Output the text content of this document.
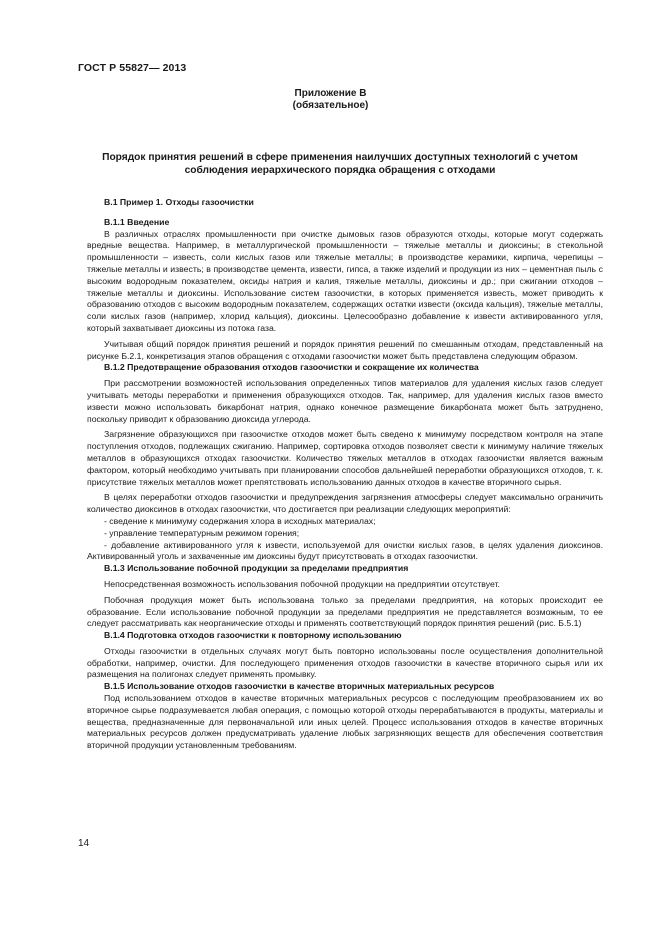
ГОСТ Р 55827— 2013
Приложение В
(обязательное)
Порядок принятия решений в сфере применения наилучших доступных технологий с учетом
соблюдения иерархического порядка обращения с отходами

В.1 Пример 1. Отходы газоочистки

В.1.1 Введение

В различных отраслях промышленности при очистке дымовых газов образуются отходы, которые могут содержать вредные вещества. Например, в металлургической промышленности – тяжелые металлы и диоксины; в стекольной промышленности – известь, соли кислых газов или тяжелые металлы; в производстве керамики, кирпича, черепицы – тяжелые металлы и известь; в производстве цемента, извести, гипса, а также изделий и продукции из них – цементная пыль с высоким водородным показателем, оксиды натрия и калия, тяжелые металлы, диоксины и др.; при сжигании отходов – тяжелые металлы и диоксины. Использование систем газоочистки, в которых применяется известь, может приводить к образованию отходов с высоким водородным показателем, содержащих остатки извести (оксида кальция), тяжелые металлы, соли кислых газов (например, хлорид кальция), диоксины. Целесообразно добавление к извести активированного угля, который захватывает диоксины из потока газа.

Учитывая общий порядок принятия решений и порядок принятия решений по смешанным отходам, представленный на рисунке Б.2.1, конкретизация этапов обращения с отходами газоочистки может быть представлена следующим образом.

В.1.2 Предотвращение образования отходов газоочистки и сокращение их количества

При рассмотрении возможностей использования определенных типов материалов для удаления кислых газов следует учитывать методы переработки и применения образующихся отходов. Так, например, для удаления кислых газов вместо извести можно использовать бикарбонат натрия, однако конечное размещение бикарбоната может быть затруднено, поскольку приводит к образованию диоксида углерода.

Загрязнение образующихся при газоочистке отходов может быть сведено к минимуму посредством контроля на этапе поступления отходов, подлежащих сжиганию. Например, сортировка отходов позволяет свести к минимуму наличие тяжелых металлов в образующихся отходах газоочистки. Количество тяжелых металлов в отходах газоочистки является важным фактором, который необходимо учитывать при планировании способов дальнейшей переработки образующихся отходов, т. к. присутствие тяжелых металлов может препятствовать использованию данных отходов в качестве вторичного сырья.

В целях переработки отходов газоочистки и предупреждения загрязнения атмосферы следует максимально ограничить количество диоксинов в отходах газоочистки, что достигается при реализации следующих мероприятий:

- сведение к минимуму содержания хлора в исходных материалах;

- управление температурным режимом горения;

- добавление активированного угля к извести, используемой для очистки кислых газов, в целях удаления диоксинов. Активированный уголь и захваченные им диоксины будут присутствовать в отходах газоочистки.

В.1.3 Использование побочной продукции за пределами предприятия

Непосредственная возможность использования побочной продукции на предприятии отсутствует.

Побочная продукция может быть использована только за пределами предприятия, на которых происходит ее образование. Если использование побочной продукции за пределами предприятия не представляется возможным, то ее следует рассматривать как неорганические отходы и применять соответствующий порядок принятия решений (рис. Б.5.1)

В.1.4 Подготовка отходов газоочистки к повторному использованию

Отходы газоочистки в отдельных случаях могут быть повторно использованы после осуществления дополнительной обработки, например, очистки. Для последующего применения отходов газоочистки в качестве вторичного сырья или их размещения на полигонах следует применять промывку.

В.1.5 Использование отходов газоочистки в качестве вторичных материальных ресурсов

Под использованием отходов в качестве вторичных материальных ресурсов с последующим преобразованием их во вторичное сырье подразумевается любая операция, с помощью которой отходы перерабатываются в продукты, материалы и вещества, предназначенные для первоначальной или иных целей. Процесс использования отходов в качестве вторичных материальных ресурсов должен предусматривать удаление любых загрязняющих веществ для обеспечения соответствия вторичной продукции установленным требованиям.

14
